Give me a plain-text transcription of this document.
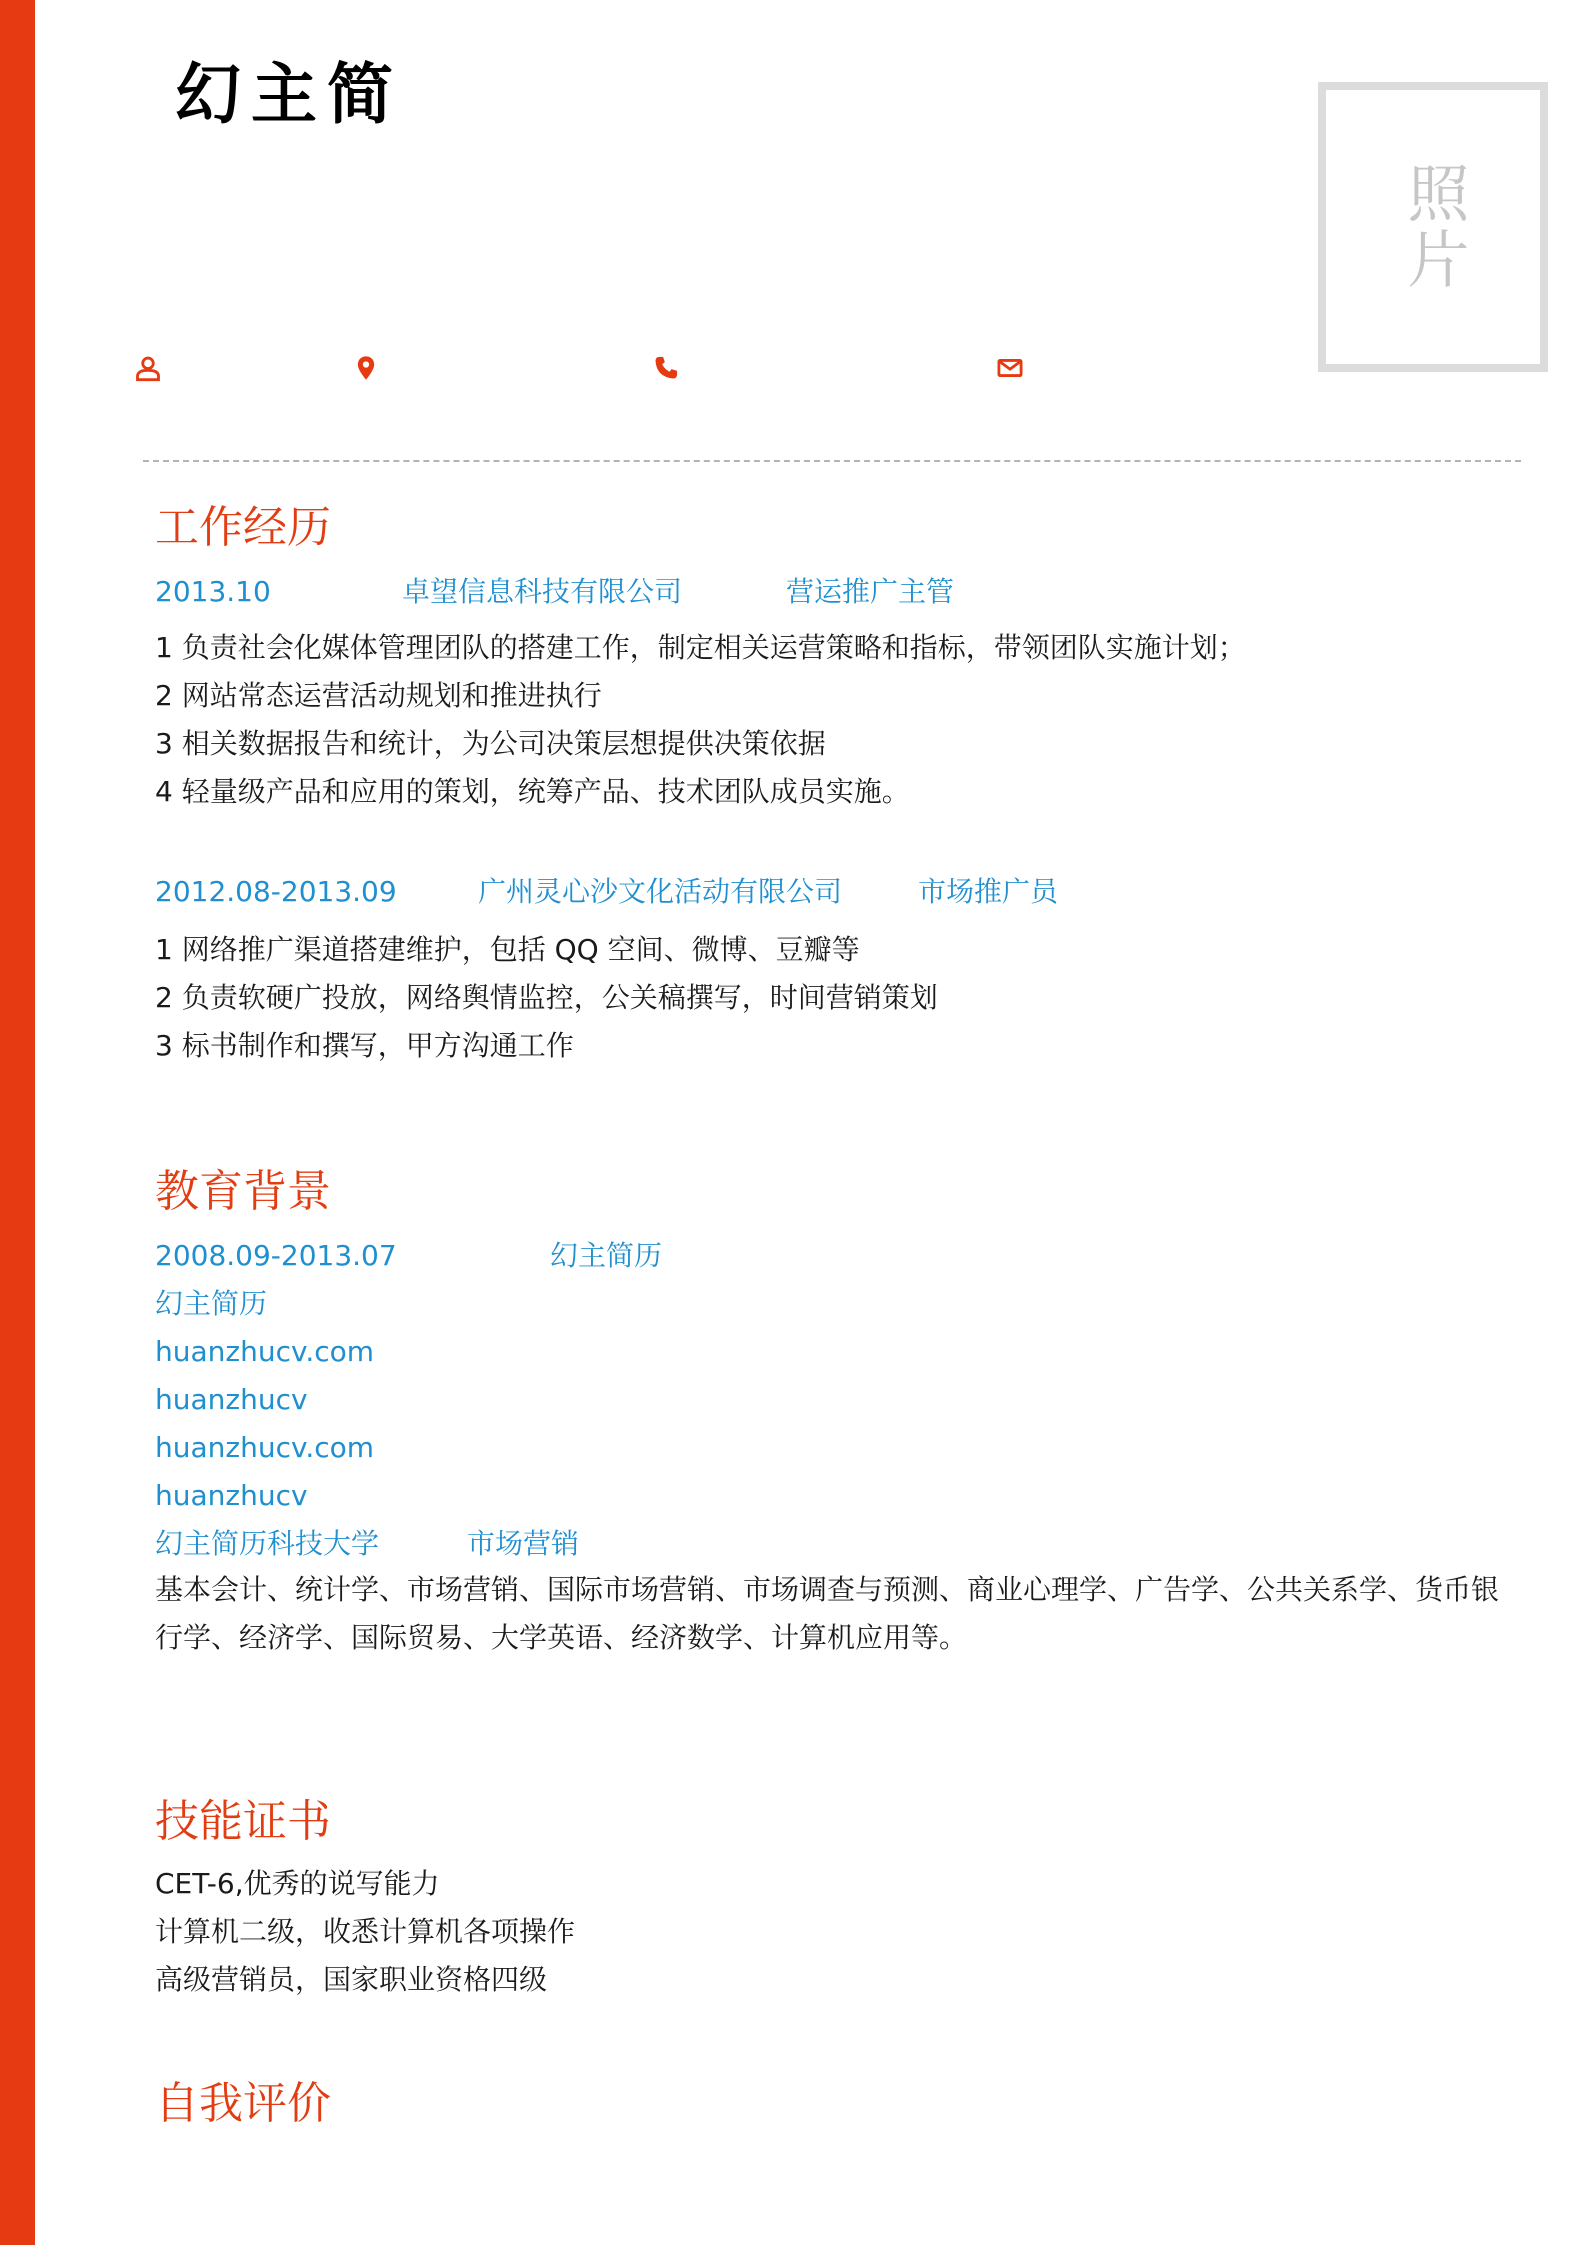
幻主简
照片
工作经历
2013.10	卓望信息科技有限公司	营运推广主管
1 负责社会化媒体管理团队的搭建工作，制定相关运营策略和指标，带领团队实施计划；
2 网站常态运营活动规划和推进执行
3 相关数据报告和统计，为公司决策层想提供决策依据
4 轻量级产品和应用的策划，统筹产品、技术团队成员实施。
2012.08-2013.09	广州灵心沙文化活动有限公司	市场推广员
1 网络推广渠道搭建维护，包括 QQ 空间、微博、豆瓣等
2 负责软硬广投放，网络舆情监控，公关稿撰写，时间营销策划
3 标书制作和撰写，甲方沟通工作
教育背景
2008.09-2013.07	幻主简历
幻主简历
huanzhucv.com
huanzhucv
huanzhucv.com
huanzhucv
幻主简历科技大学	市场营销
基本会计、统计学、市场营销、国际市场营销、市场调查与预测、商业心理学、广告学、公共关系学、货币银行学、经济学、国际贸易、大学英语、经济数学、计算机应用等。
技能证书
CET-6,优秀的说写能力
计算机二级，收悉计算机各项操作
高级营销员，国家职业资格四级
自我评价
